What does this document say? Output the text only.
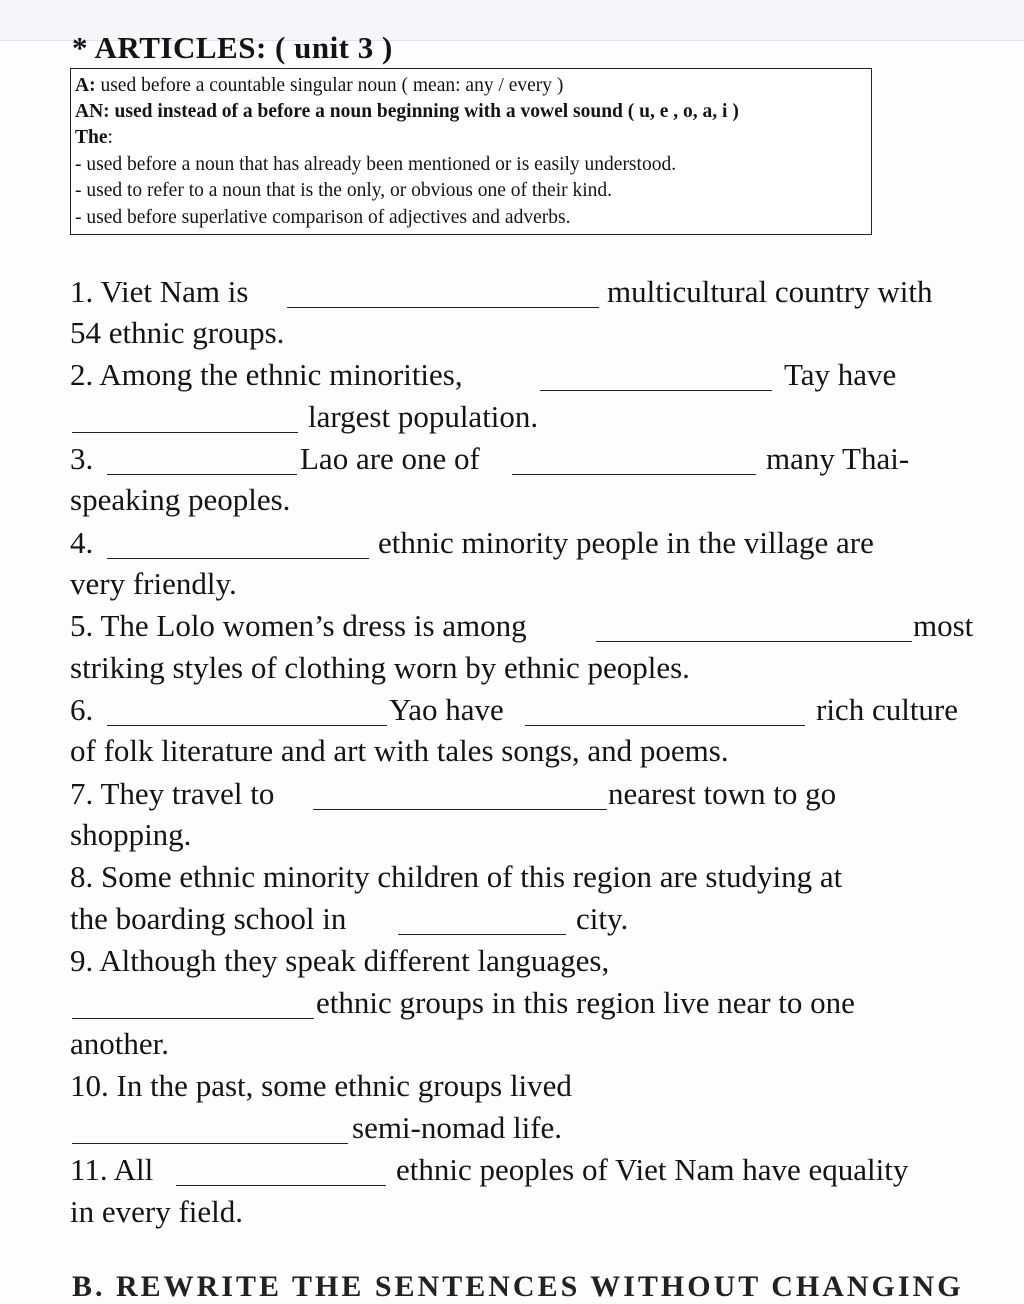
* ARTICLES: ( unit 3 )
A: used before a countable singular noun ( mean: any / every )
AN: used instead of a before a noun beginning with a vowel sound ( u, e , o, a, i )
The:
- used before a noun that has already been mentioned or is easily understood.
- used to refer to a noun that is the only, or obvious one of their kind.
- used before superlative comparison of adjectives and adverbs.
1. Viet Nam is	multicultural country with
54 ethnic groups.
2. Among the ethnic minorities,	Tay have
largest population.
3.	Lao are one of	many Thai-
speaking peoples.
4.	ethnic minority people in the village are
very friendly.
5. The Lolo women’s dress is among	most
striking styles of clothing worn by ethnic peoples.
6.	Yao have	rich culture
of folk literature and art with tales songs, and poems.
7. They travel to	nearest town to go
shopping.
8. Some ethnic minority children of this region are studying at
the boarding school in	city.
9. Although they speak different languages,
ethnic groups in this region live near to one
another.
10. In the past, some ethnic groups lived
semi-nomad life.
11. All	ethnic peoples of Viet Nam have equality
in every field.
B. REWRITE THE SENTENCES WITHOUT CHANGING
